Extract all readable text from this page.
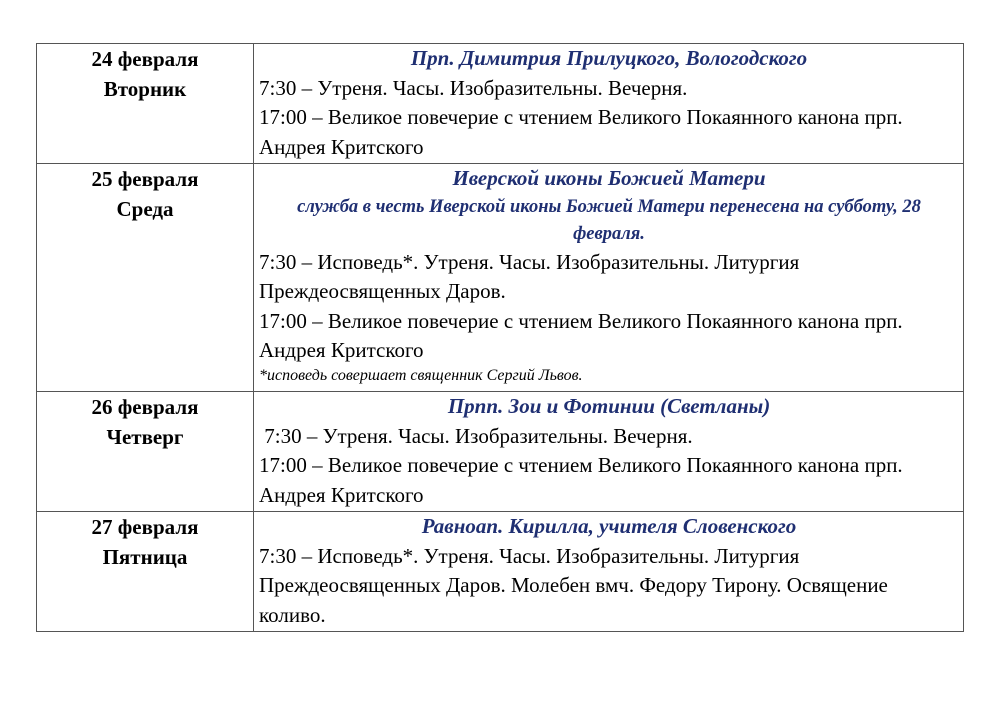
24 февраля
Вторник	Прп. Димитрия Прилуцкого, Вологодского
7:30 – Утреня. Часы. Изобразительны. Вечерня.
17:00 – Великое повечерие с чтением Великого Покаянного канона прп. Андрея Критского

25 февраля
Среда	Иверской иконы Божией Матери
служба в честь Иверской иконы Божией Матери перенесена на субботу, 28 февраля.
7:30 – Исповедь*. Утреня. Часы. Изобразительны. Литургия Преждеосвященных Даров.
17:00 – Великое повечерие с чтением Великого Покаянного канона прп. Андрея Критского
*исповедь совершает священник Сергий Львов.

26 февраля
Четверг	Прпп. Зои и Фотинии (Светланы)
7:30 – Утреня. Часы. Изобразительны. Вечерня.
17:00 – Великое повечерие с чтением Великого Покаянного канона прп. Андрея Критского

27 февраля
Пятница	Равноап. Кирилла, учителя Словенского
7:30 – Исповедь*. Утреня. Часы. Изобразительны. Литургия Преждеосвященных Даров. Молебен вмч. Федору Тирону. Освящение коливо.
